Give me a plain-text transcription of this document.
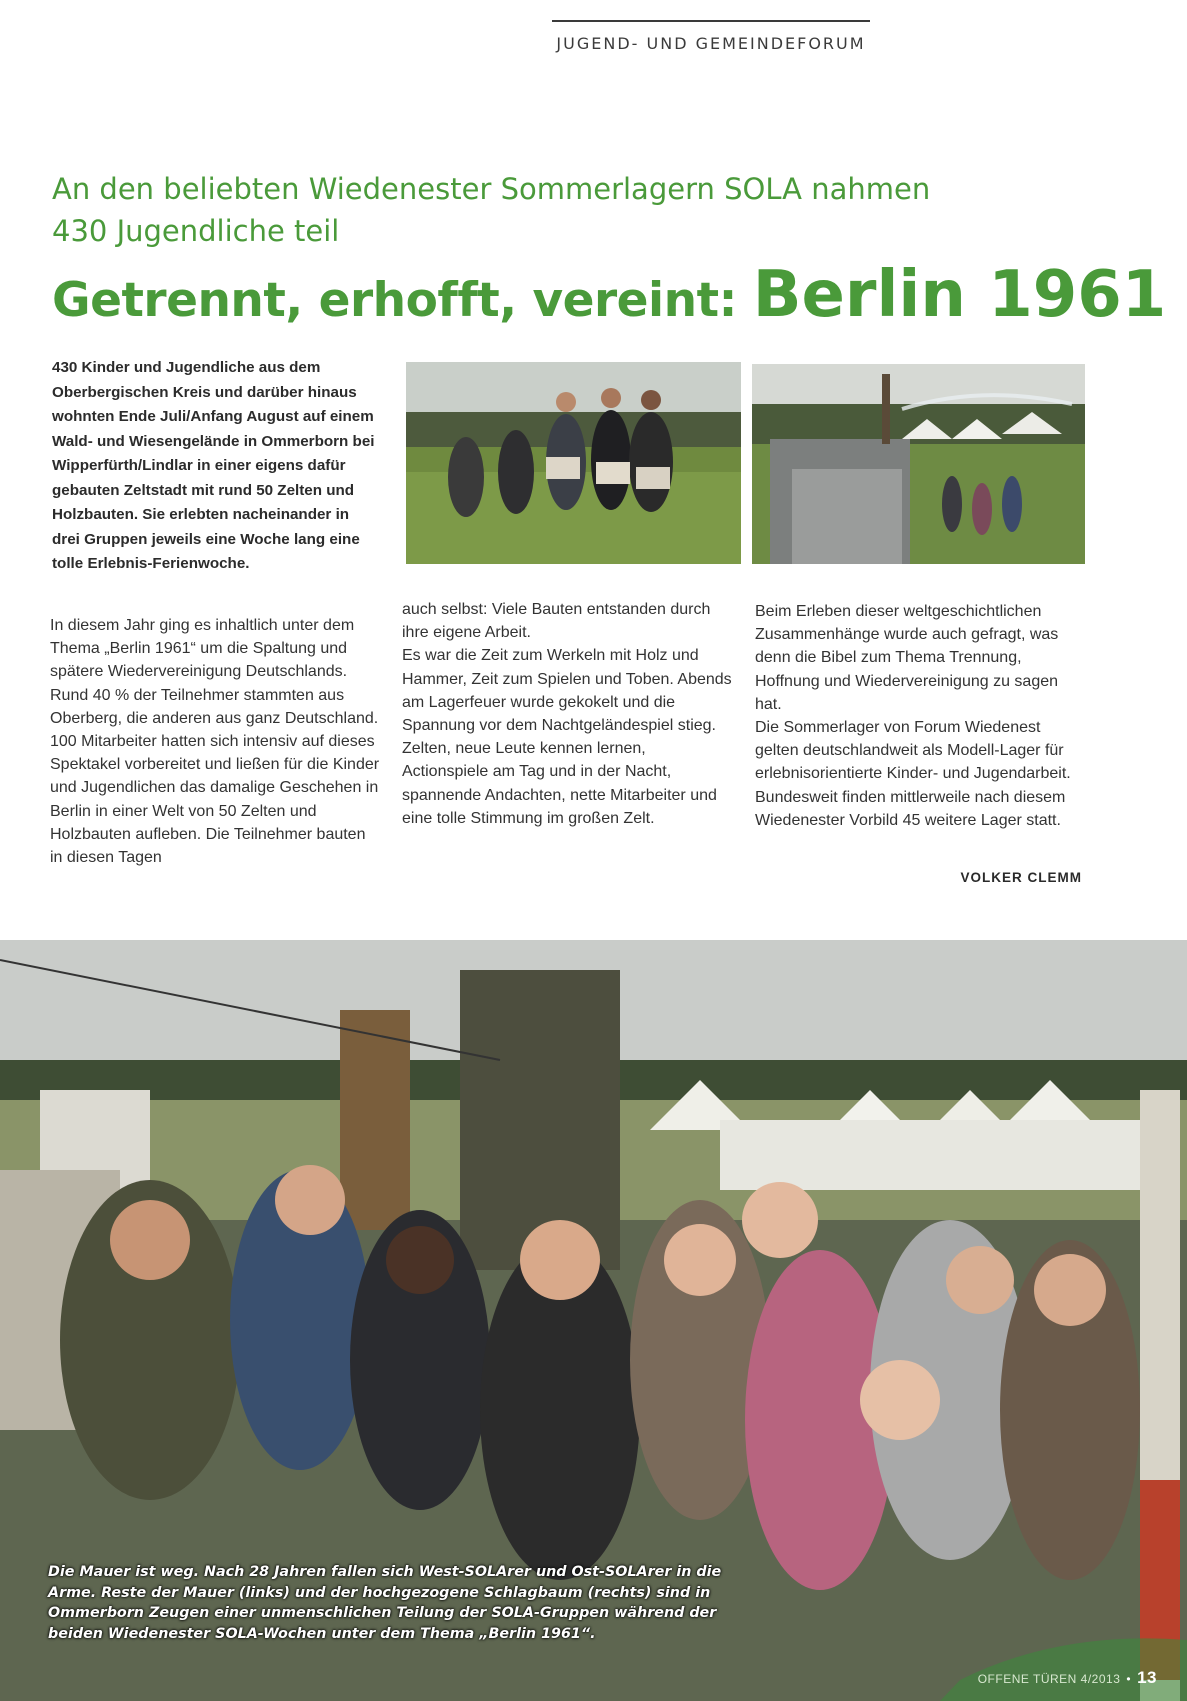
JUGEND- UND GEMEINDEFORUM
An den beliebten Wiedenester Sommerlagern SOLA nahmen 430 Jugendliche teil
Getrennt, erhofft, vereint: Berlin 1961

430 Kinder und Jugendliche aus dem Oberbergischen Kreis und darüber hinaus wohnten Ende Juli/Anfang August auf einem Wald- und Wiesengelände in Ommerborn bei Wipperfürth/Lindlar in einer eigens dafür gebauten Zeltstadt mit rund 50 Zelten und Holzbauten. Sie erlebten nacheinander in drei Gruppen jeweils eine Woche lang eine tolle Erlebnis-Ferienwoche.

In diesem Jahr ging es inhaltlich unter dem Thema „Berlin 1961“ um die Spaltung und spätere Wiedervereinigung Deutschlands. Rund 40 % der Teilnehmer stammten aus Oberberg, die anderen aus ganz Deutschland.

100 Mitarbeiter hatten sich intensiv auf dieses Spektakel vorbereitet und ließen für die Kinder und Jugendlichen das damalige Geschehen in Berlin in einer Welt von 50 Zelten und Holzbauten aufleben. Die Teilnehmer bauten in diesen Tagen

auch selbst: Viele Bauten entstanden durch ihre eigene Arbeit.

Es war die Zeit zum Werkeln mit Holz und Hammer, Zeit zum Spielen und Toben. Abends am Lagerfeuer wurde gekokelt und die Spannung vor dem Nachtgeländespiel stieg. Zelten, neue Leute kennen lernen, Actionspiele am Tag und in der Nacht, spannende Andachten, nette Mitarbeiter und eine tolle Stimmung im großen Zelt.

Beim Erleben dieser weltgeschichtlichen Zusammenhänge wurde auch gefragt, was denn die Bibel zum Thema Trennung, Hoffnung und Wiedervereinigung zu sagen hat.

Die Sommerlager von Forum Wiedenest gelten deutschlandweit als Modell-Lager für erlebnisorientierte Kinder- und Jugendarbeit. Bundesweit finden mittlerweile nach diesem Wiedenester Vorbild 45 weitere Lager statt.

VOLKER CLEMM

Die Mauer ist weg. Nach 28 Jahren fallen sich West-SOLArer und Ost-SOLArer in die Arme. Reste der Mauer (links) und der hochgezogene Schlagbaum (rechts) sind in Ommerborn Zeugen einer unmenschlichen Teilung der SOLA-Gruppen während der beiden Wiedenester SOLA-Wochen unter dem Thema „Berlin 1961“.

OFFENE TÜREN 4/2013 • 13
